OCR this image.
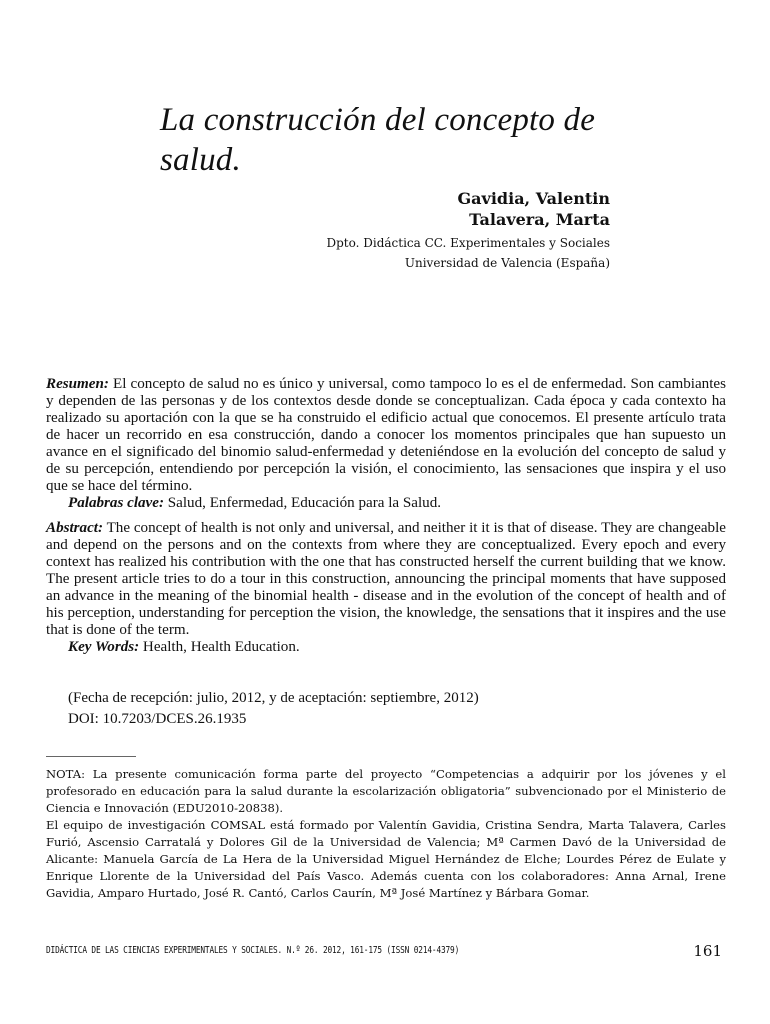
La construcción del concepto de salud.
Gavidia, Valentin
Talavera, Marta
Dpto. Didáctica CC. Experimentales y Sociales
Universidad de Valencia (España)

Resumen: El concepto de salud no es único y universal, como tampoco lo es el de enfermedad. Son cambiantes y dependen de las personas y de los contextos desde donde se conceptualizan. Cada época y cada contexto ha realizado su aportación con la que se ha construido el edificio actual que conocemos. El presente artículo trata de hacer un recorrido en esa construcción, dando a conocer los momentos principales que han supuesto un avance en el significado del binomio salud-enfermedad y deteniéndose en la evolución del concepto de salud y de su percepción, entendiendo por percepción la visión, el conocimiento, las sensaciones que inspira y el uso que se hace del término.

Palabras clave: Salud, Enfermedad, Educación para la Salud.

Abstract: The concept of health is not only and universal, and neither it it is that of disease. They are changeable and depend on the persons and on the contexts from where they are conceptualized. Every epoch and every context has realized his contribution with the one that has constructed herself the current building that we know. The present article tries to do a tour in this construction, announcing the principal moments that have supposed an advance in the meaning of the binomial health - disease and in the evolution of the concept of health and of his perception, understanding for perception the vision, the knowledge, the sensations that it inspires and the use that is done of the term.

Key Words: Health, Health Education.

(Fecha de recepción: julio, 2012, y de aceptación: septiembre, 2012)
DOI: 10.7203/DCES.26.1935

NOTA: La presente comunicación forma parte del proyecto “Competencias a adquirir por los jóvenes y el profesorado en educación para la salud durante la escolarización obligatoria” subvencionado por el Ministerio de Ciencia e Innovación (EDU2010-20838).

El equipo de investigación COMSAL está formado por Valentín Gavidia, Cristina Sendra, Marta Talavera, Carles Furió, Ascensio Carratalá y Dolores Gil de la Universidad de Valencia; Mª Carmen Davó de la Universidad de Alicante: Manuela García de La Hera de la Universidad Miguel Hernández de Elche; Lourdes Pérez de Eulate y Enrique Llorente de la Universidad del País Vasco. Además cuenta con los colaboradores: Anna Arnal, Irene Gavidia, Amparo Hurtado, José R. Cantó, Carlos Caurín, Mª José Martínez y Bárbara Gomar.

DIDÁCTICA DE LAS CIENCIAS EXPERIMENTALES Y SOCIALES. N.º 26. 2012, 161-175 (ISSN 0214-4379)	161
